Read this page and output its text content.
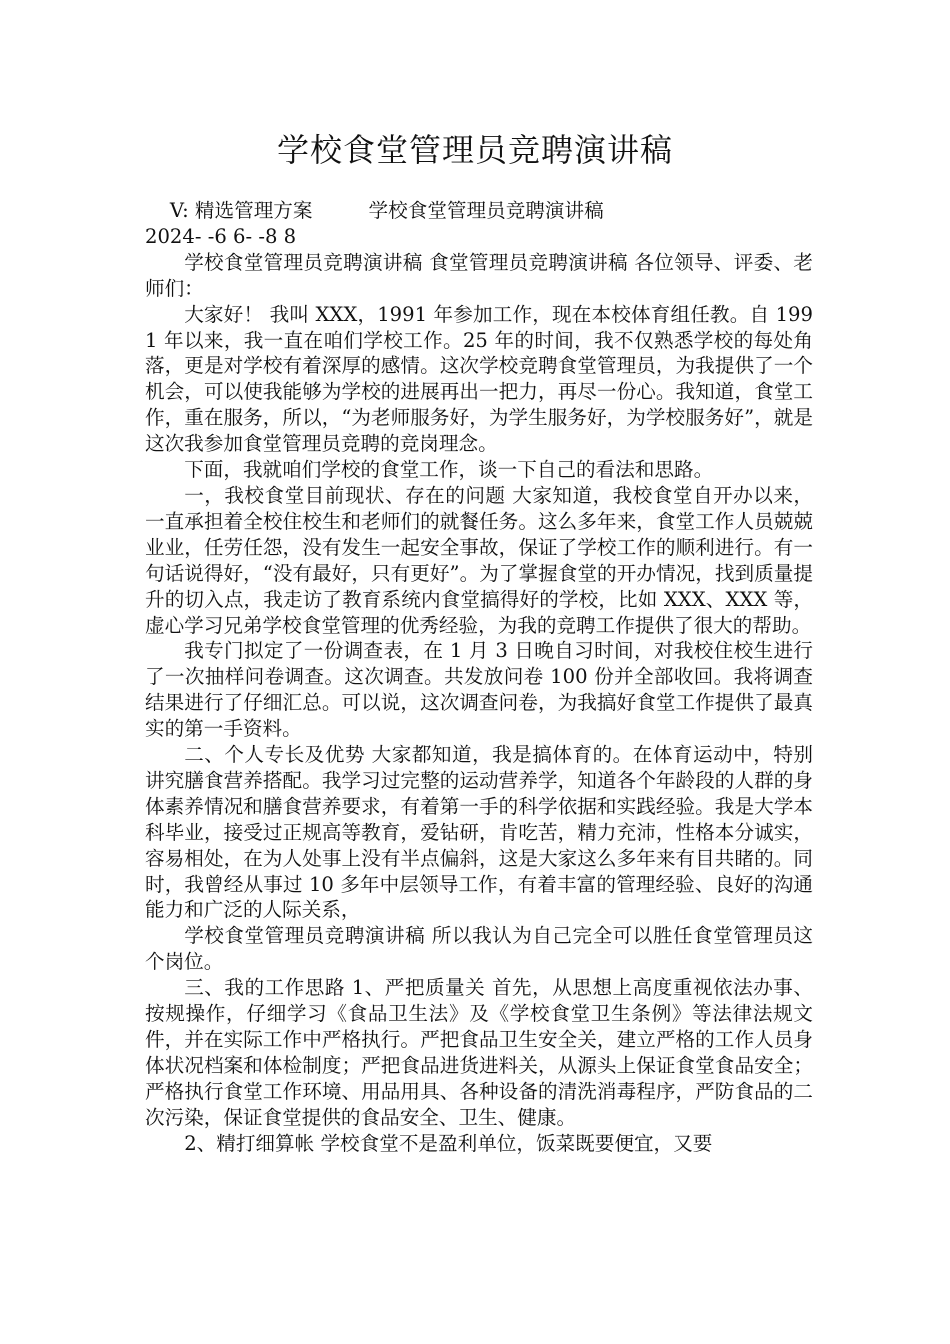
学校食堂管理员竞聘演讲稿

V: 精选管理方案         学校食堂管理员竞聘演讲稿

2024- -6 6- -8 8

学校食堂管理员竞聘演讲稿 食堂管理员竞聘演讲稿 各位领导、评委、老师们：

大家好！ 我叫 XXX，1991 年参加工作，现在本校体育组任教。自 1991 年以来，我一直在咱们学校工作。25 年的时间，我不仅熟悉学校的每处角落，更是对学校有着深厚的感情。这次学校竞聘食堂管理员，为我提供了一个机会，可以使我能够为学校的进展再出一把力，再尽一份心。我知道，食堂工作，重在服务，所以，“为老师服务好，为学生服务好，为学校服务好”，就是这次我参加食堂管理员竞聘的竞岗理念。

下面，我就咱们学校的食堂工作，谈一下自己的看法和思路。

一，我校食堂目前现状、存在的问题 大家知道，我校食堂自开办以来，一直承担着全校住校生和老师们的就餐任务。这么多年来，食堂工作人员兢兢业业，任劳任怨，没有发生一起安全事故，保证了学校工作的顺利进行。有一句话说得好，“没有最好，只有更好”。为了掌握食堂的开办情况，找到质量提升的切入点，我走访了教育系统内食堂搞得好的学校，比如 XXX、XXX 等，虚心学习兄弟学校食堂管理的优秀经验，为我的竞聘工作提供了很大的帮助。

我专门拟定了一份调查表，在 1 月 3 日晚自习时间，对我校住校生进行了一次抽样问卷调查。这次调查。共发放问卷 100 份并全部收回。我将调查结果进行了仔细汇总。可以说，这次调查问卷，为我搞好食堂工作提供了最真实的第一手资料。

二、个人专长及优势 大家都知道，我是搞体育的。在体育运动中，特别讲究膳食营养搭配。我学习过完整的运动营养学，知道各个年龄段的人群的身体素养情况和膳食营养要求，有着第一手的科学依据和实践经验。我是大学本科毕业，接受过正规高等教育，爱钻研，肯吃苦，精力充沛，性格本分诚实，容易相处，在为人处事上没有半点偏斜，这是大家这么多年来有目共睹的。同时，我曾经从事过 10 多年中层领导工作，有着丰富的管理经验、良好的沟通能力和广泛的人际关系，

学校食堂管理员竞聘演讲稿 所以我认为自己完全可以胜任食堂管理员这个岗位。

三、我的工作思路 1、严把质量关 首先，从思想上高度重视依法办事、按规操作，仔细学习《食品卫生法》及《学校食堂卫生条例》等法律法规文件，并在实际工作中严格执行。严把食品卫生安全关，建立严格的工作人员身体状况档案和体检制度；严把食品进货进料关，从源头上保证食堂食品安全；严格执行食堂工作环境、用品用具、各种设备的清洗消毒程序，严防食品的二次污染，保证食堂提供的食品安全、卫生、健康。

2、精打细算帐 学校食堂不是盈利单位，饭菜既要便宜，又要
